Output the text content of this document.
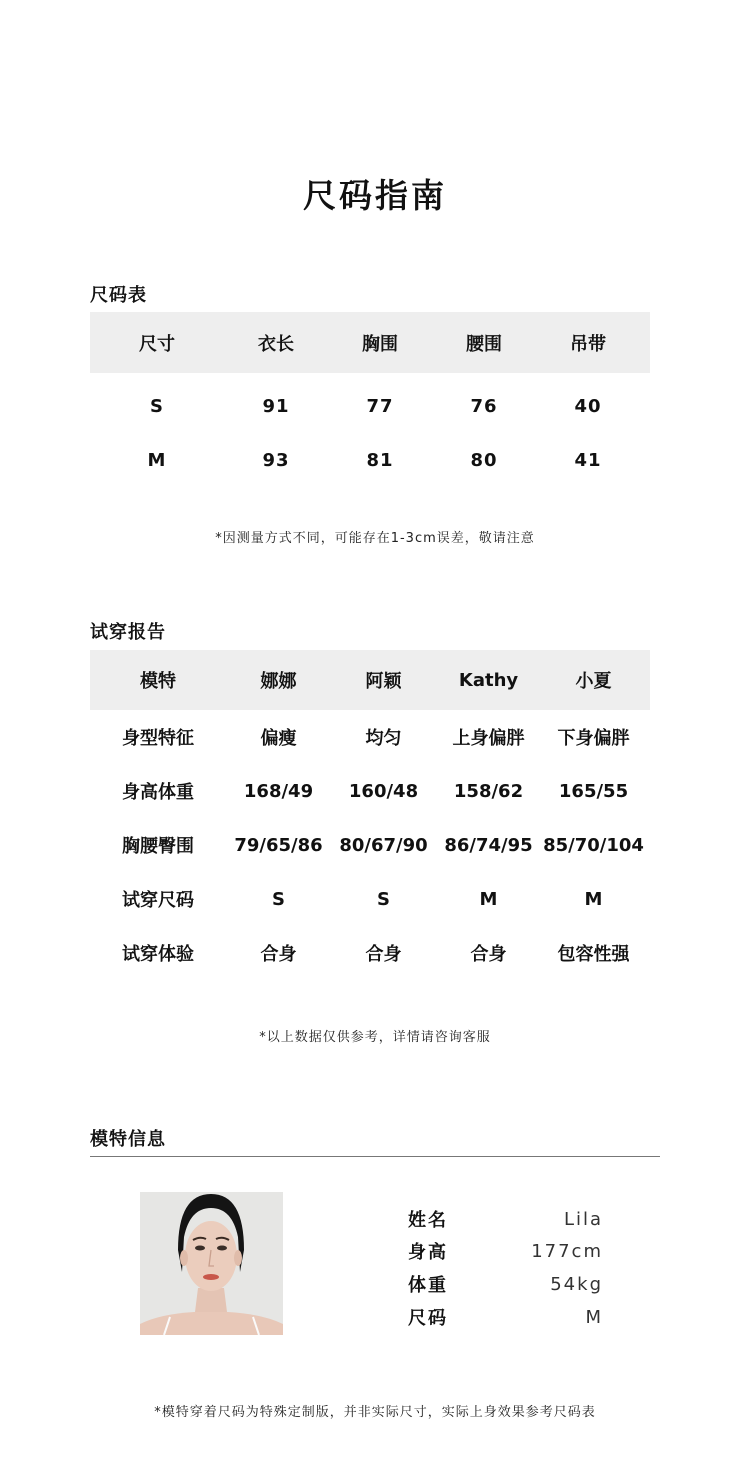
尺码指南
尺码表
尺寸	衣长	胸围	腰围	吊带
S	91	77	76	40
M	93	81	80	41
*因测量方式不同，可能存在1-3cm误差，敬请注意
试穿报告
模特	娜娜	阿颖	Kathy	小夏
身型特征	偏瘦	均匀	上身偏胖	下身偏胖
身高体重	168/49	160/48	158/62	165/55
胸腰臀围	79/65/86 80/67/90 86/74/95 85/70/104
试穿尺码	S	S	M	M
试穿体验	合身	合身	合身	包容性强
*以上数据仅供参考，详情请咨询客服
模特信息
姓名	Lila
身高	177cm
体重	54kg
尺码	M
*模特穿着尺码为特殊定制版，并非实际尺寸，实际上身效果参考尺码表
